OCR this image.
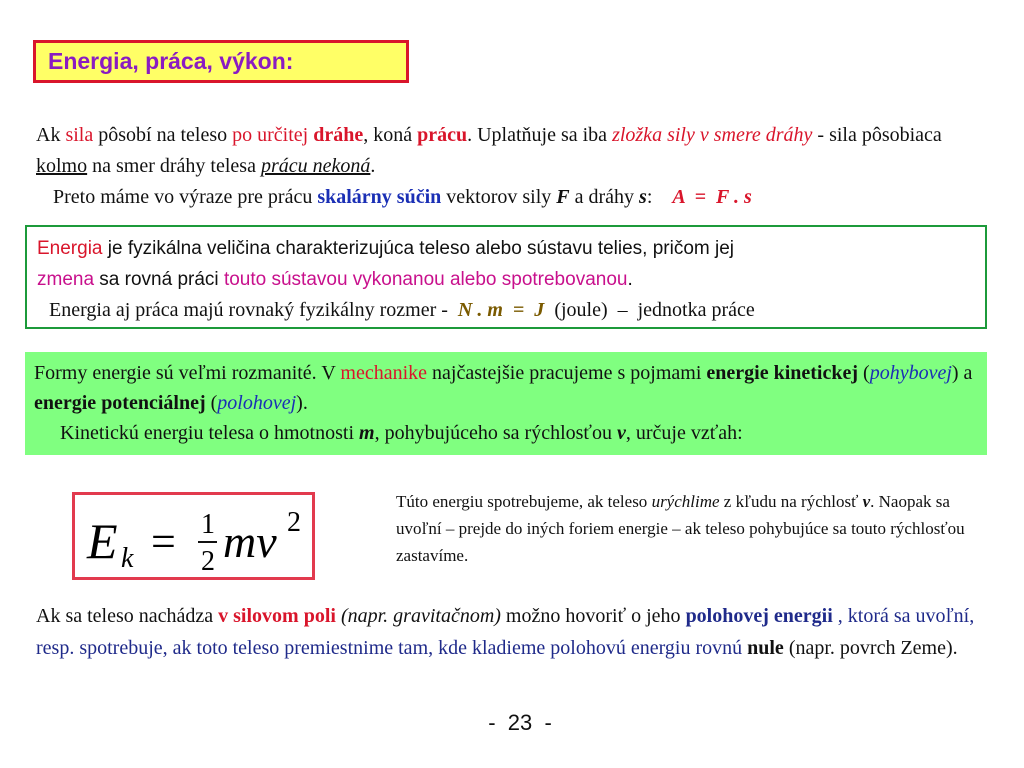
Energia, práca, výkon:
Ak sila pôsobí na teleso po určitej dráhe, koná prácu. Uplatňuje sa iba zložka sily v smere dráhy - sila pôsobiaca kolmo na smer dráhy telesa prácu nekoná.
Preto máme vo výraze pre prácu skalárny súčin vektorov sily F a dráhy s:    A  =  F . s
Energia je fyzikálna veličina charakterizujúca teleso alebo sústavu telies, pričom jej
zmena sa rovná práci touto sústavou vykonanou alebo spotrebovanou.
Energia aj práca majú rovnaký fyzikálny rozmer -  N . m  =  J  (joule)  –  jednotka práce
Formy energie sú veľmi rozmanité. V mechanike najčastejšie pracujeme s pojmami energie kinetickej (pohybovej) a energie potenciálnej (polohovej).
Kinetickú energiu telesa o hmotnosti m, pohybujúceho sa rýchlosťou v, určuje vzťah:
E k = 1
2 mv 2
Túto energiu spotrebujeme, ak teleso urýchlime z kľudu na rýchlosť v. Naopak sa uvoľní – prejde do iných foriem energie – ak teleso pohybujúce sa touto rýchlosťou zastavíme.
Ak sa teleso nachádza v silovom poli (napr. gravitačnom) možno hovoriť o jeho polohovej energii , ktorá sa uvoľní, resp. spotrebuje, ak toto teleso premiestnime tam, kde kladieme polohovú energiu rovnú nule (napr. povrch Zeme).
-  23  -
